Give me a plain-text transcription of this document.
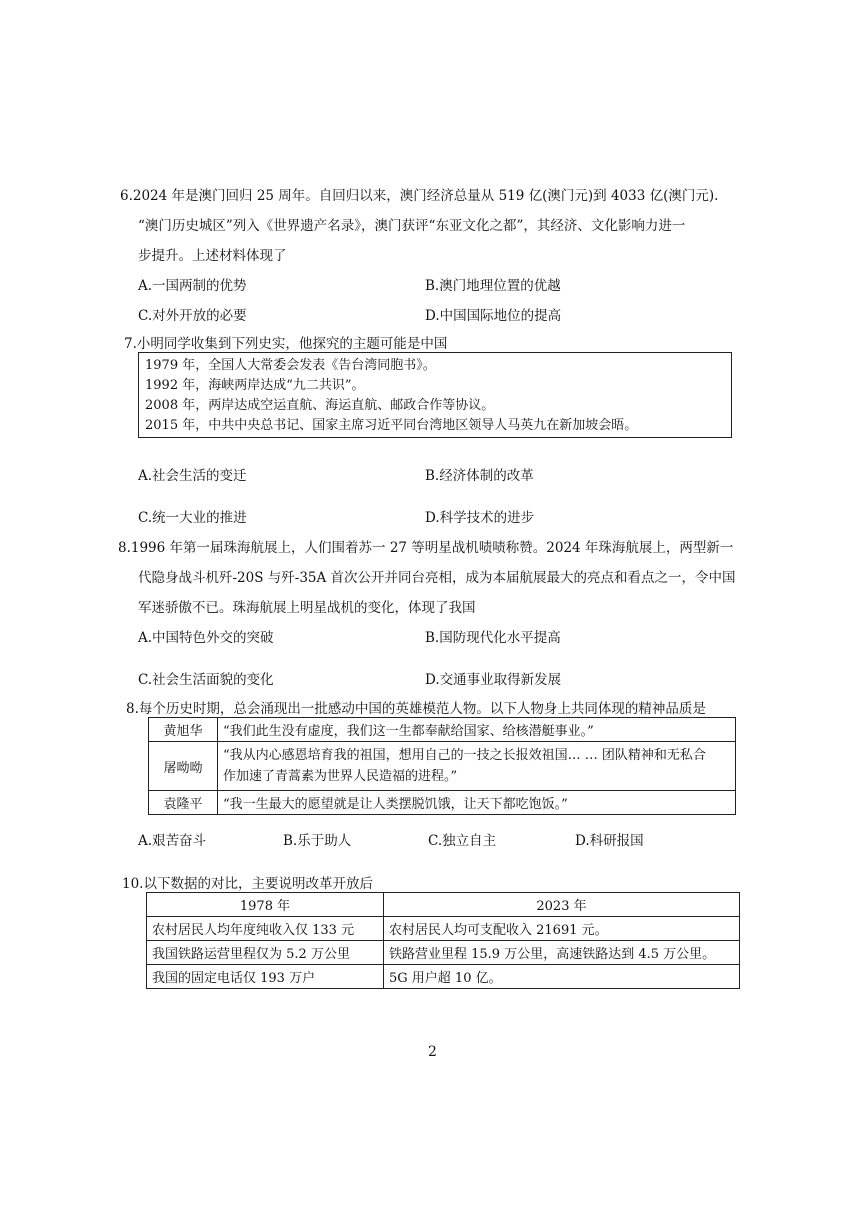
6.2024 年是澳门回归 25 周年。自回归以来，澳门经济总量从 519 亿(澳门元)到 4033 亿(澳门元).
“澳门历史城区”列入《世界遗产名录》，澳门获评“东亚文化之都”，其经济、文化影响力进一
步提升。上述材料体现了
A.一国两制的优势	B.澳门地理位置的优越
C.对外开放的必要	D.中国国际地位的提高
7.小明同学收集到下列史实，他探究的主题可能是中国
1979 年，全国人大常委会发表《告台湾同胞书》。
1992 年，海峡两岸达成“九二共识”。
2008 年，两岸达成空运直航、海运直航、邮政合作等协议。
2015 年，中共中央总书记、国家主席习近平同台湾地区领导人马英九在新加坡会晤。
A.社会生活的变迁	B.经济体制的改革
C.统一大业的推进	D.科学技术的进步
8.1996 年第一届珠海航展上，人们围着苏一 27 等明星战机啧啧称赞。2024 年珠海航展上，两型新一
代隐身战斗机歼-20S 与歼-35A 首次公开并同台亮相，成为本届航展最大的亮点和看点之一，令中国
军迷骄傲不已。珠海航展上明星战机的变化，体现了我国
A.中国特色外交的突破	B.国防现代化水平提高
C.社会生活面貌的变化	D.交通事业取得新发展
8.每个历史时期，总会涌现出一批感动中国的英雄模范人物。以下人物身上共同体现的精神品质是
黄旭华	“我们此生没有虚度，我们这一生都奉献给国家、给核潜艇事业。”
屠呦呦	“我从内心感恩培育我的祖国，想用自己的一技之长报效祖国… … 团队精神和无私合
作加速了青蒿素为世界人民造福的进程。”

袁隆平	“我一生最大的愿望就是让人类摆脱饥饿，让天下都吃饱饭。”
A.艰苦奋斗	B.乐于助人	C.独立自主	D.科研报国
10.以下数据的对比，主要说明改革开放后
1978 年	2023 年
农村居民人均年度纯收入仅 133 元	农村居民人均可支配收入 21691 元。
我国铁路运营里程仅为 5.2 万公里	铁路营业里程 15.9 万公里，高速铁路达到 4.5 万公里。
我国的固定电话仅 193 万户	5G 用户超 10 亿。
2
